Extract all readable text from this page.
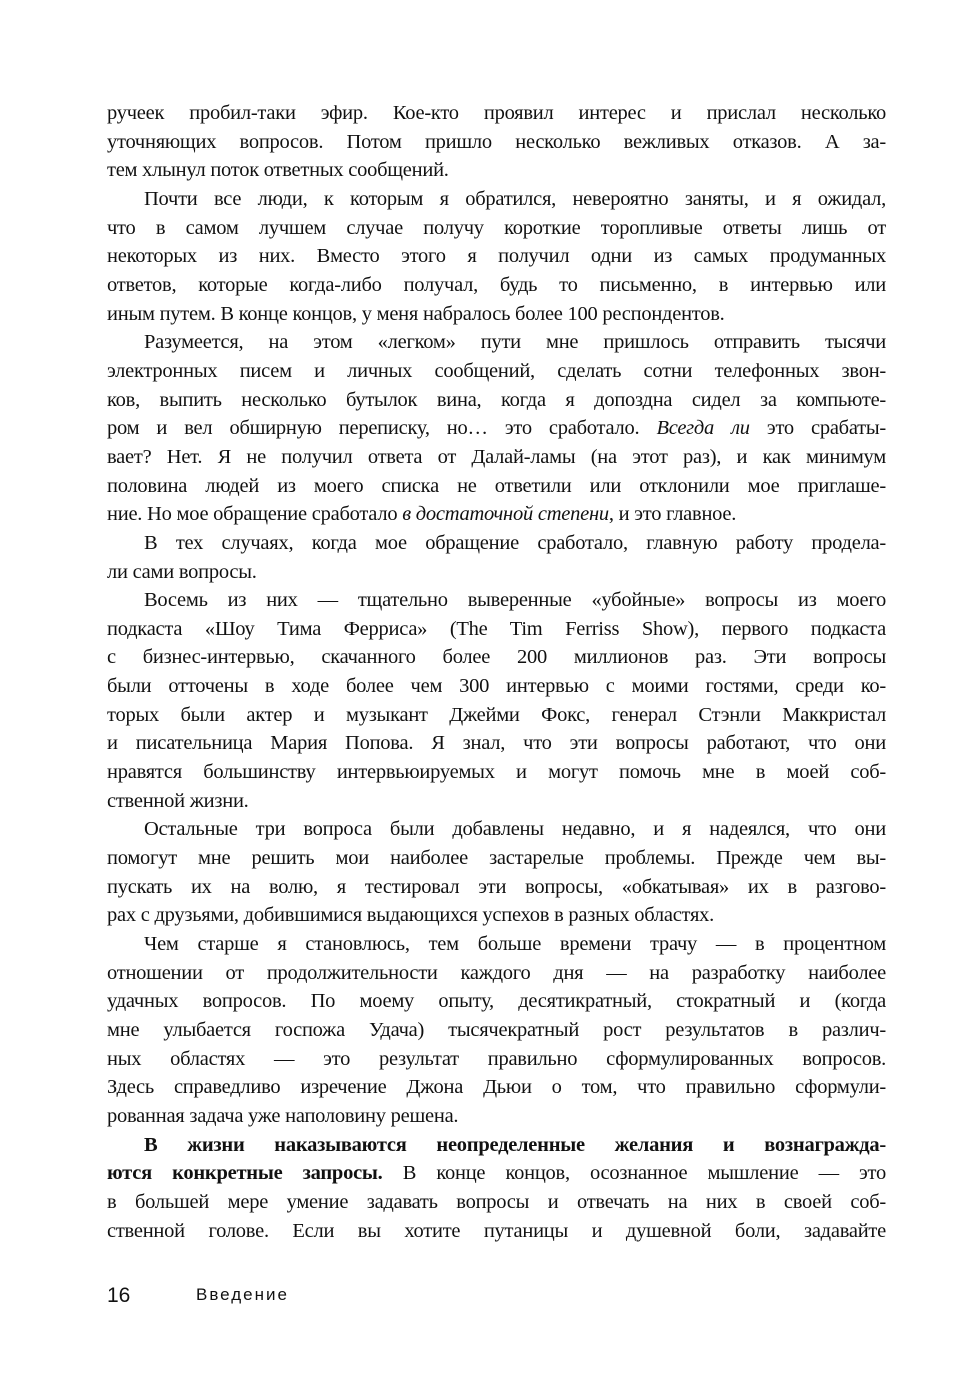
ручеек пробил-таки эфир. Кое-кто проявил интерес и прислал несколько
уточняющих вопросов. Потом пришло несколько вежливых отказов. А за-
тем хлынул поток ответных сообщений.
Почти все люди, к которым я обратился, невероятно заняты, и я ожидал,
что в самом лучшем случае получу короткие торопливые ответы лишь от
некоторых из них. Вместо этого я получил одни из самых продуманных
ответов, которые когда-либо получал, будь то письменно, в интервью или
иным путем. В конце концов, у меня набралось более 100 респондентов.
Разумеется, на этом «легком» пути мне пришлось отправить тысячи
электронных писем и личных сообщений, сделать сотни телефонных звон-
ков, выпить несколько бутылок вина, когда я допоздна сидел за компьюте-
ром и вел обширную переписку, но… это сработало. Всегда ли это срабаты-
вает? Нет. Я не получил ответа от Далай-ламы (на этот раз), и как минимум
половина людей из моего списка не ответили или отклонили мое приглаше-
ние. Но мое обращение сработало в достаточной степени, и это главное.
В тех случаях, когда мое обращение сработало, главную работу проделa-
ли сами вопросы.
Восемь из них — тщательно выверенные «убойные» вопросы из моего
подкаста «Шоу Тима Ферриса» (The Tim Ferriss Show), первого подкаста
с бизнес-интервью, скачанного более 200 миллионов раз. Эти вопросы
были отточены в ходе более чем 300 интервью с моими гостями, среди ко-
торых были актер и музыкант Джейми Фокс, генерал Стэнли Маккристал
и писательница Мария Попова. Я знал, что эти вопросы работают, что они
нравятся большинству интервьюируемых и могут помочь мне в моей соб-
ственной жизни.
Остальные три вопроса были добавлены недавно, и я надеялся, что они
помогут мне решить мои наиболее застарелые проблемы. Прежде чем вы-
пускать их на волю, я тестировал эти вопросы, «обкатывая» их в разгово-
рах с друзьями, добившимися выдающихся успехов в разных областях.
Чем старше я становлюсь, тем больше времени трачу — в процентном
отношении от продолжительности каждого дня — на разработку наиболее
удачных вопросов. По моему опыту, десятикратный, стократный и (когда
мне улыбается госпожа Удача) тысячекратный рост результатов в различ-
ных областях — это результат правильно сформулированных вопросов.
Здесь справедливо изречение Джона Дьюи о том, что правильно сформули-
рованная задача уже наполовину решена.
В жизни наказываются неопределенные желания и вознагражда-
ются конкретные запросы. В конце концов, осознанное мышление — это
в большей мере умение задавать вопросы и отвечать на них в своей соб-
ственной голове. Если вы хотите путаницы и душевной боли, задавайте
16	Введение
